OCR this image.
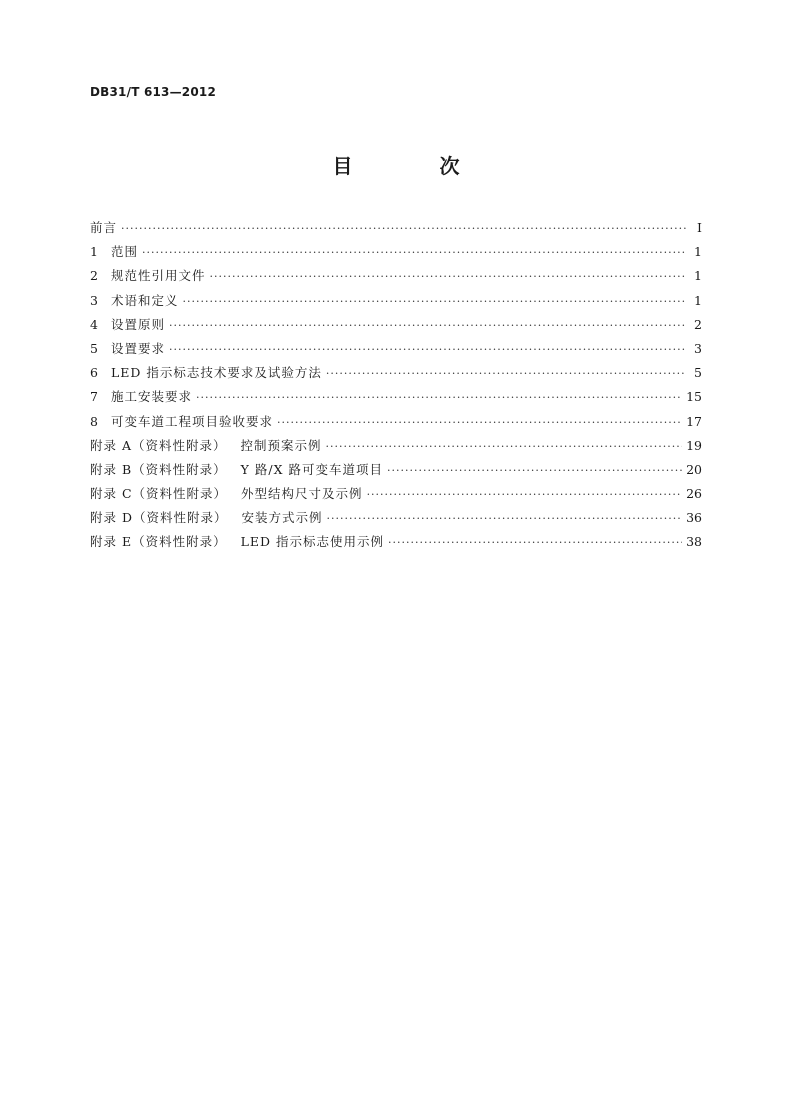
DB31/T 613—2012
目 次
前言 ·····	Ⅰ
1	范围 ·····	1
2	规范性引用文件 ·····	1
3	术语和定义 ·····	1
4	设置原则 ·····	2
5	设置要求 ·····	3
6	LED 指示标志技术要求及试验方法 ·····	5
7	施工安装要求 ·····	15
8	可变车道工程项目验收要求 ·····	17
附录 A（资料性附录） 控制预案示例 ·····	19
附录 B（资料性附录） Y 路/X 路可变车道项目 ·····	20
附录 C（资料性附录） 外型结构尺寸及示例 ·····	26
附录 D（资料性附录） 安装方式示例 ·····	36
附录 E（资料性附录） LED 指示标志使用示例 ·····	38
